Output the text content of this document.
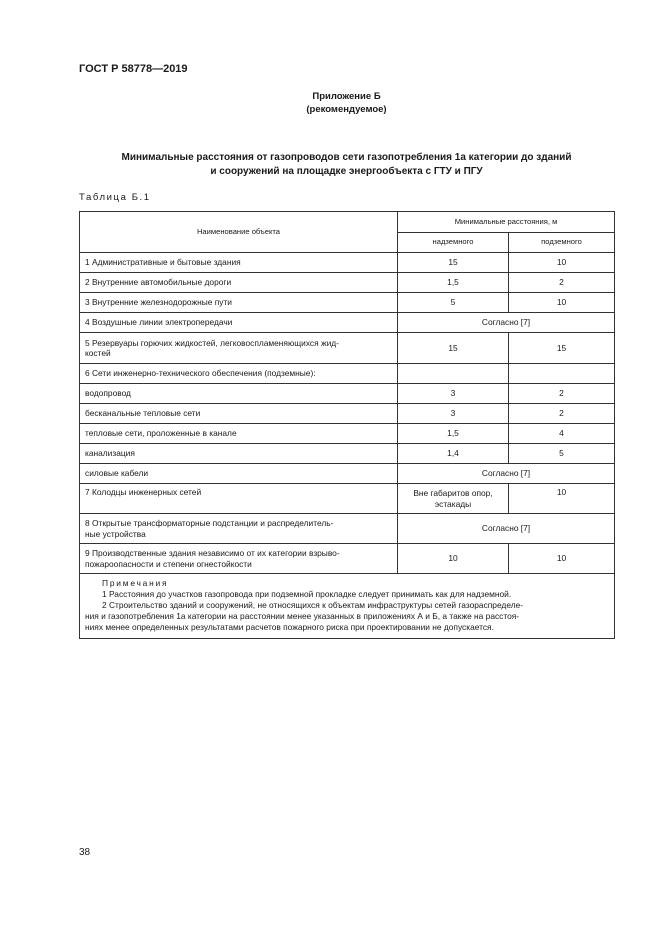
ГОСТ Р 58778—2019
Приложение Б
(рекомендуемое)
Минимальные расстояния от газопроводов сети газопотребления 1а категории до зданий
и сооружений на площадке энергообъекта с ГТУ и ПГУ
Таблица Б.1
Наименование объекта	Минимальные расстояния, м	
	надземного	подземного
1 Административные и бытовые здания	15	10
2 Внутренние автомобильные дороги	1,5	2
3 Внутренние железнодорожные пути	5	10
4 Воздушные линии электропередачи	Согласно [7]	

5 Резервуары горючих жидкостей, легковоспламеняющихся жид-
костей	15	15
6 Сети инженерно-технического обеспечения (подземные):		
водопровод	3	2
бесканальные тепловые сети	3	2
тепловые сети, проложенные в канале	1,5	4
канализация	1,4	5
силовые кабели	Согласно [7]	
7 Колодцы инженерных сетей	Вне габаритов опор,
эстакады	10

8 Открытые трансформаторные подстанции и распределитель-
ные устройства	Согласно [7]	

9 Производственные здания независимо от их категории взрыво-
пожароопасности и степени огнестойкости	10	10

Примечания
1 Расстояния до участков газопровода при подземной прокладке следует принимать как для надземной.
2 Строительство зданий и сооружений, не относящихся к объектам инфраструктуры сетей газораспределе-
ния и газопотребления 1а категории на расстоянии менее указанных в приложениях А и Б, а также на расстоя-
ниях менее определенных результатами расчетов пожарного риска при проектировании не допускается.		
38
